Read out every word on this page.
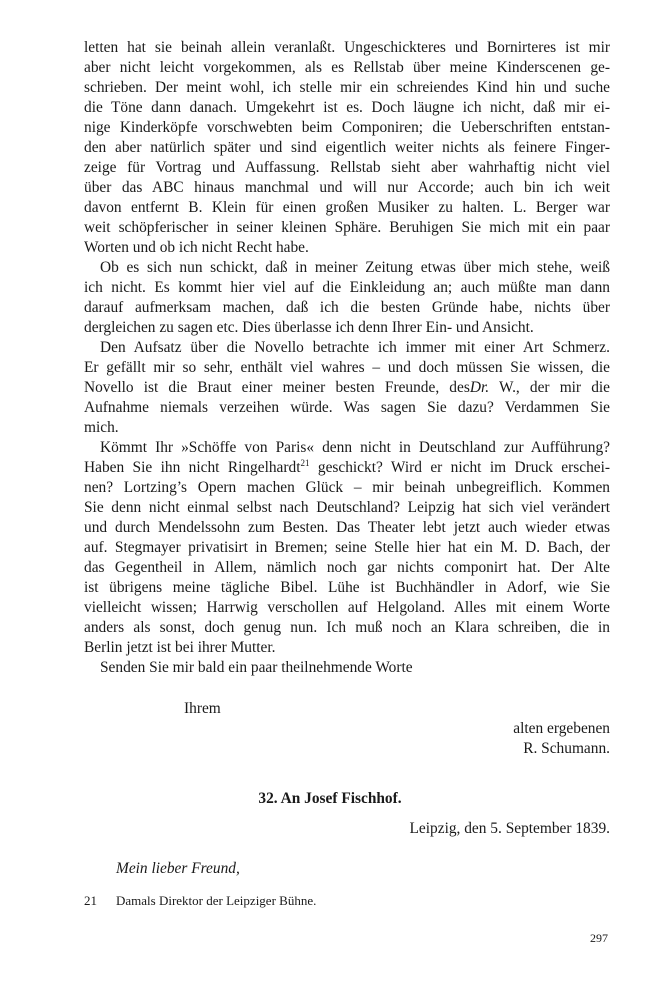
letten hat sie beinah allein veranlaßt. Ungeschickteres und Bornirteres ist mir
aber nicht leicht vorgekommen, als es Rellstab über meine Kinderscenen ge-
schrieben. Der meint wohl, ich stelle mir ein schreiendes Kind hin und suche
die Töne dann danach. Umgekehrt ist es. Doch läugne ich nicht, daß mir ei-
nige Kinderköpfe vorschwebten beim Componiren; die Ueberschriften entstan-
den aber natürlich später und sind eigentlich weiter nichts als feinere Finger-
zeige für Vortrag und Auffassung. Rellstab sieht aber wahrhaftig nicht viel
über das ABC hinaus manchmal und will nur Accorde; auch bin ich weit
davon entfernt B. Klein für einen großen Musiker zu halten. L. Berger war
weit schöpferischer in seiner kleinen Sphäre. Beruhigen Sie mich mit ein paar
Worten und ob ich nicht Recht habe.
Ob es sich nun schickt, daß in meiner Zeitung etwas über mich stehe, weiß
ich nicht. Es kommt hier viel auf die Einkleidung an; auch müßte man dann
darauf aufmerksam machen, daß ich die besten Gründe habe, nichts über
dergleichen zu sagen etc. Dies überlasse ich denn Ihrer Ein- und Ansicht.
Den Aufsatz über die Novello betrachte ich immer mit einer Art Schmerz.
Er gefällt mir so sehr, enthält viel wahres – und doch müssen Sie wissen, die
Novello ist die Braut einer meiner besten Freunde, desDr. W., der mir die
Aufnahme niemals verzeihen würde. Was sagen Sie dazu? Verdammen Sie
mich.
Kömmt Ihr »Schöffe von Paris« denn nicht in Deutschland zur Aufführung?
Haben Sie ihn nicht Ringelhardt$^{21}$ geschickt? Wird er nicht im Druck erschei-
nen? Lortzing’s Opern machen Glück – mir beinah unbegreiflich. Kommen
Sie denn nicht einmal selbst nach Deutschland? Leipzig hat sich viel verändert
und durch Mendelssohn zum Besten. Das Theater lebt jetzt auch wieder etwas
auf. Stegmayer privatisirt in Bremen; seine Stelle hier hat ein M. D. Bach, der
das Gegentheil in Allem, nämlich noch gar nichts componirt hat. Der Alte
ist übrigens meine tägliche Bibel. Lühe ist Buchhändler in Adorf, wie Sie
vielleicht wissen; Harrwig verschollen auf Helgoland. Alles mit einem Worte
anders als sonst, doch genug nun. Ich muß noch an Klara schreiben, die in
Berlin jetzt ist bei ihrer Mutter.
Senden Sie mir bald ein paar theilnehmende Worte
Ihrem
alten ergebenen
R. Schumann.
32. An Josef Fischhof.
Leipzig, den 5. September 1839.
Mein lieber Freund,
21 Damals Direktor der Leipziger Bühne.
297
